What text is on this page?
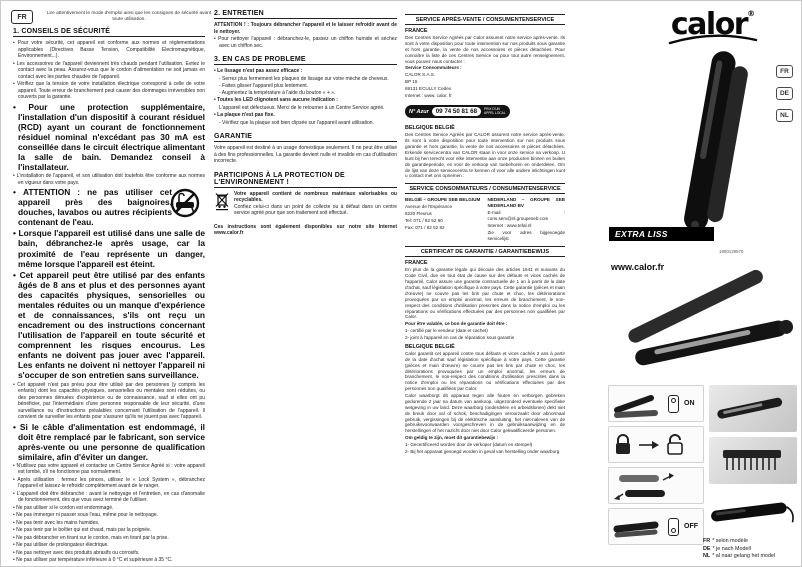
FR	Lire attentivement le mode d'emploi ainsi que les consignes de sécurité avant toute utilisation.
1. CONSEILS DE SÉCURITÉ
• Pour votre sécurité, cet appareil est conforme aux normes et réglementations applicables (Directives Basse Tension, Compatibilité Electromagnétique, Environnement...).
• Les accessoires de l'appareil deviennent très chauds pendant l'utilisation. Evitez le contact avec la peau. Assurez-vous que le cordon d'alimentation ne soit jamais en contact avec les parties chaudes de l'appareil.
• Vérifiez que la tension de votre installation électrique correspond à celle de votre appareil. Toute erreur de branchement peut causer des dommages irréversibles non couverts par la garantie.

• Pour une protection supplémentaire, l'installation d'un dispositif à courant résiduel (RCD) ayant un courant de fonctionnement résiduel nominal n'excédant pas 30 mA est conseillée dans le circuit électrique alimentant la salle de bain. Demandez conseil à l'installateur.

• L'installation de l'appareil, et son utilisation doit toutefois être conforme aux normes en vigueur dans votre pays.

• ATTENTION : ne pas utiliser cet appareil près des baignoires, douches, lavabos ou autres récipients contenant de l'eau.

• Lorsque l'appareil est utilisé dans une salle de bain, débranchez-le après usage, car la proximité de l'eau représente un danger, même lorsque l'appareil est éteint.

• Cet appareil peut être utilisé par des enfants âgés de 8 ans et plus et des personnes ayant des capacités physiques, sensorielles ou mentales réduites ou un manque d'expérience et de connaissances, s'ils ont reçu un encadrement ou des instructions concernant l'utilisation de l'appareil en toute sécurité et comprennent les risques encourus. Les enfants ne doivent pas jouer avec l'appareil. Les enfants ne doivent ni nettoyer l'appareil ni s'occuper de son entretien sans surveillance.

• Cet appareil n'est pas prévu pour être utilisé par des personnes (y compris les enfants) dont les capacités physiques, sensorielles ou mentales sont réduites, ou des personnes dénuées d'expérience ou de connaissance, sauf si elles ont pu bénéficier, par l'intermédiaire d'une personne responsable de leur sécurité, d'une surveillance ou d'instructions préalables concernant l'utilisation de l'appareil. Il convient de surveiller les enfants pour s'assurer qu'ils ne jouent pas avec l'appareil.

• Si le câble d'alimentation est endommagé, il doit être remplacé par le fabricant, son service après-vente ou une personne de qualification similaire, afin d'éviter un danger.

• N'utilisez pas votre appareil et contactez un Centre Service Agréé si : votre appareil est tombé, s'il ne fonctionne pas normalement.
• Après utilisation : fermez les pinces, utilisez le « Lock System », débranchez l'appareil et laissez-le refroidir complètement avant de le ranger.
• L'appareil doit être débranché : avant le nettoyage et l'entretien, en cas d'anomalie de fonctionnement, dès que vous avez terminé de l'utiliser.
• Ne pas utiliser si le cordon est endommagé.
• Ne pas immerger ni passer sous l'eau, même pour le nettoyage.
• Ne pas tenir avec les mains humides.
• Ne pas tenir par le boîtier qui est chaud, mais par la poignée.
• Ne pas débrancher en tirant sur le cordon, mais en tirant par la prise.
• Ne pas utiliser de prolongateur électrique.
• Ne pas nettoyer avec des produits abrasifs ou corrosifs.
• Ne pas utiliser par température inférieure à 0 °C et supérieure à 35 °C.
2. ENTRETIEN

ATTENTION ! : Toujours débrancher l'appareil et le laisser refroidir avant de le nettoyer.

• Pour nettoyer l'appareil : débranchez-le, passez un chiffon humide et séchez avec un chiffon sec.

3. EN CAS DE PROBLEME

• Le lissage n'est pas assez efficace :

- Serrez plus fermement les plaques de lissage sur votre mèche de cheveux.

- Faites glisser l'appareil plus lentement.

- Augmentez la température à l'aide du bouton « + ».

• Toutes les LED clignotent sans aucune indication :

L'appareil est défectueux. Merci de le retourner à un Centre Service agréé.

• La plaque n'est pas fixe.

- Vérifiez que la plaque soit bien clipsée sur l'appareil avant utilisation.

GARANTIE

Votre appareil est destiné à un usage domestique seulement. Il ne peut être utilisé à des fins professionnelles. La garantie devient nulle et invalide en cas d'utilisation incorrecte.

PARTICIPONS À LA PROTECTION DE L'ENVIRONNEMENT !

Votre appareil contient de nombreux matériaux valorisables ou recyclables.

Confiez celui-ci dans un point de collecte ou à défaut dans un centre service agréé pour que son traitement soit effectué.

Ces instructions sont également disponibles sur notre site Internet www.calor.fr

SERVICE APRÈS-VENTE / CONSUMENTENSERVICE

FRANCE

Des Centres Service Agréés par Calor assurent notre service après-vente. Ils sont à votre disposition pour toute intervention sur nos produits sous garantie et hors garantie, la vente de nos accessoires et pièces détachées. Pour connaître la liste de ces Centres Service ou pour tout autre renseignement, vous pouvez nous contacter :

Service Consommateurs :

CALOR S.A.S.
BP 15
69131 ECULLY Cedex
Internet : www. calor. fr
N° Azur	09 74 50 81 68	PRIX D'UN
APPEL LOCAL

BELGIQUE BELGIË

Des Centres Service Agréés par CALOR assurent notre service après-vente. Ils sont à votre disposition pour toute intervention sur nos produits sous garantie et hors garantie, la vente de nos accessoires et pièces détachées. Erkende servicecentra van CALOR staan in voor onze service na verkoop. U kunt bij hen terecht voor elke interventie aan onze producten binnen en buiten de garantieperiode, en voor de verkoop van toebehoren en onderdelen. Om de lijst van deze servicecentra te kennen of voor alle andere inlichtingen kunt u contact met ons opnemen :

SERVICE CONSOMMATEURS / CONSUMENTENSERVICE

BELGIË – GROUPE SEB BELGIUM

Avenue de l'Espérance

6220 Fleurus

Tel: 071 / 82 52 60

Fax: 071 / 82 52 82

NEDERLAND – GROUPE SEB NEDERLAND BV

E-mail : cons.serv@nl.groupeseb.com

Internet : www.tefal.nl

Zie voor adres bijgevoegde servicelijst

CERTIFICAT DE GARANTIE / GARANTIEBEWIJS

FRANCE

En plus de la garantie légale qui découle des articles 1641 et suivants du Code Civil, due en tout état de cause sur des défauts et vices cachés de l'appareil, Calor assure une garantie contractuelle de 1 an à partir de la date d'achat, sauf législation spécifique à votre pays. Cette garantie (pièces et main d'œuvre) ne couvre pas les bris par chute et choc, les détériorations provoquées par un emploi anormal, les erreurs de branchement, le non-respect des conditions d'utilisation prescrites dans la notice d'emploi ou les réparations ou vérifications effectuées par des personnes non qualifiées par Calor.

Pour être valable, ce bon de garantie doit être :

1- certifié par le vendeur (date et cachet)

2- joint à l'appareil en cas de réparation sous garantie

BELGIQUE BELGIË

Calor garantit cet appareil contre tous défauts et vices cachés 2 ans à partir de la date d'achat sauf législation spécifique à votre pays. Cette garantie (pièces et main d'œuvre) ne couvre pas les bris par chute et choc, les détériorations provoquées par un emploi anormal, les erreurs de branchement, le non-respect des conditions d'utilisation prescrites dans la notice d'emploi ou les réparations ou vérifications effectuées par des personnes non qualifiées par Calor.

Calor waarborgt dit apparaat tegen alle fouten en verborgen gebreken gedurende 2 jaar na datum van aankoop, uitgezonderd eventuele specifieke wetgeving in uw land. Deze waarborg (onderdelen en arbeidslonen) dekt niet de breuk door val of schok, beschadigingen veroorzaakt door abnormaal gebruik, vergissingen bij de elektrische aansluiting, het niet-naleven van de gebruiksvoorwaarden voorgeschreven in de gebruiksaanwijzing en de herstellingen of het nazicht door niet door Calor gekwalificeerde personen.

Om geldig te zijn, moet dit garantiebewijs :

1- Gecertificeerd worden door de verkoper (datum en stempel)

2- Bij het apparaat gevoegd worden in geval van herstelling onder waarborg

calor®
FR
DE
NL
EXTRA LISS
1800129570
www.calor.fr
ON
OFF
FR * selon modèle
DE * je nach Modell
NL * al naar gelang het model
